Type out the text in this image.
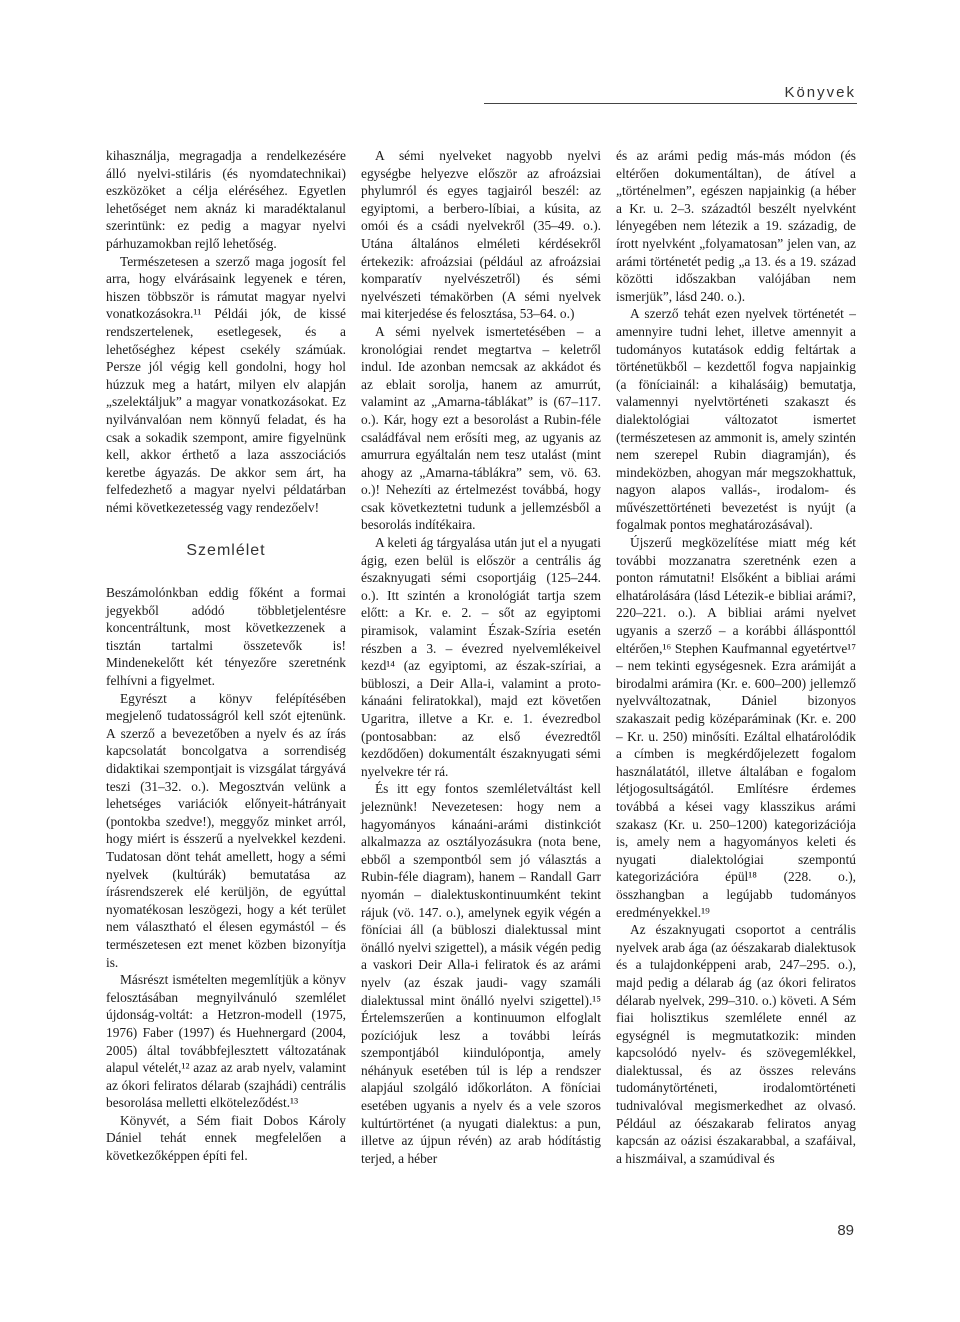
Könyvek

kihasználja, megragadja a rendelkezésére álló nyelvi-stiláris (és nyomdatechnikai) eszközöket a célja eléréséhez. Egyetlen lehetőséget nem aknáz ki maradéktalanul szerintünk: ez pedig a magyar nyelvi párhuzamokban rejlő lehetőség.

Természetesen a szerző maga jogosít fel arra, hogy elvárásaink legyenek e téren, hiszen többször is rámutat magyar nyelvi vonatkozásokra.¹¹ Példái jók, de kissé rendszertelenek, esetlegesek, és a lehetőséghez képest csekély számúak. Persze jól végig kell gondolni, hogy hol húzzuk meg a határt, milyen elv alapján „szelektáljuk” a magyar vonatkozásokat. Ez nyilvánvalóan nem könnyű feladat, és ha csak a sokadik szempont, amire figyelnünk kell, akkor érthető a laza asszociációs keretbe ágyazás. De akkor sem árt, ha felfedezhető a magyar nyelvi példatárban némi következetesség vagy rendezőelv!

Szemlélet

Beszámolónkban eddig főként a formai jegyekből adódó többletjelentésre koncentráltunk, most következzenek a tisztán tartalmi összetevők is! Mindenekelőtt két tényezőre szeretnénk felhívni a figyelmet.

Egyrészt a könyv felépítésében megjelenő tudatosságról kell szót ejtenünk. A szerző a bevezetőben a nyelv és az írás kapcsolatát boncolgatva a sorrendiség didaktikai szempontjait is vizsgálat tárgyává teszi (31–32. o.). Megosztván velünk a lehetséges variációk előnyeit-hátrányait (pontokba szedve!), meggyőz minket arról, hogy miért is ésszerű a nyelvekkel kezdeni. Tudatosan dönt tehát amellett, hogy a sémi nyelvek (kultúrák) bemutatása az írásrendszerek elé kerüljön, de egyúttal nyomatékosan leszögezi, hogy a két terület nem választható el élesen egymástól – és természetesen ezt menet közben bizonyítja is.

Másrészt ismételten megemlítjük a könyv felosztásában megnyilvánuló szemlélet újdonság-voltát: a Hetzron-modell (1975, 1976) Faber (1997) és Huehnergard (2004, 2005) által továbbfejlesztett változatának alapul vételét,¹² azaz az arab nyelv, valamint az ókori feliratos délarab (szajhádi) centrális besorolása melletti elköteleződést.¹³

Könyvét, a Sém fiait Dobos Károly Dániel tehát ennek megfelelően a következőképpen építi fel.

A sémi nyelveket nagyobb nyelvi egységbe helyezve először az afroázsiai phylumról és egyes tagjairól beszél: az egyiptomi, a berbero-líbiai, a kúsita, az omói és a csádi nyelvekről (35–49. o.). Utána általános elméleti kérdésekről értekezik: afroázsiai (például az afroázsiai komparatív nyelvészetről) és sémi nyelvészeti témakörben (A sémi nyelvek mai kiterjedése és felosztása, 53–64. o.)

A sémi nyelvek ismertetésében – a kronológiai rendet megtartva – keletről indul. Ide azonban nemcsak az akkádot és az eblait sorolja, hanem az amurrút, valamint az „Amarna-táblákat” is (67–117. o.). Kár, hogy ezt a besorolást a Rubin-féle családfával nem erősíti meg, az ugyanis az amurrura egyáltalán nem tesz utalást (mint ahogy az „Amarna-táblákra” sem, vö. 63. o.)! Nehezíti az értelmezést továbbá, hogy csak következtetni tudunk a jellemzésből a besorolás indítékaira.

A keleti ág tárgyalása után jut el a nyugati ágig, ezen belül is először a centrális ág északnyugati sémi csoportjáig (125–244. o.). Itt szintén a kronológiát tartja szem előtt: a Kr. e. 2. – sőt az egyiptomi piramisok, valamint Észak-Szíria esetén részben a 3. – évezred nyelvemlékeivel kezd¹⁴ (az egyiptomi, az észak-szíriai, a bübloszi, a Deir Alla-i, valamint a proto-kánaáni feliratokkal), majd ezt követően Ugaritra, illetve a Kr. e. 1. évezredbol (pontosabban: az első évezredtől kezdődően) dokumentált északnyugati sémi nyelvekre tér rá.

És itt egy fontos szemléletváltást kell jeleznünk! Nevezetesen: hogy nem a hagyományos kánaáni-arámi distinkciót alkalmazza az osztályozásukra (nota bene, ebből a szempontból sem jó választás a Rubin-féle diagram), hanem – Randall Garr nyomán – dialektuskontinuumként tekint rájuk (vö. 147. o.), amelynek egyik végén a föníciai áll (a bübloszi dialektussal mint önálló nyelvi szigettel), a másik végén pedig a vaskori Deir Alla-i feliratok és az arámi nyelv (az észak jaudi- vagy szamáli dialektussal mint önálló nyelvi szigettel).¹⁵ Értelemszerűen a kontinuumon elfoglalt pozíciójuk lesz a további leírás szempontjából kiindulópontja, amely néhányuk esetében túl is lép a rendszer alapjául szolgáló időkorláton. A föníciai esetében ugyanis a nyelv és a vele szoros kultúrtörténet (a nyugati dialektus: a pun, illetve az újpun révén) az arab hódítástig terjed, a héber

és az arámi pedig más-más módon (és eltérően dokumentáltan), de átível a „történelmen”, egészen napjainkig (a héber a Kr. u. 2–3. századtól beszélt nyelvként lényegében nem létezik a 19. századig, de írott nyelvként „folyamatosan” jelen van, az arámi történetét pedig „a 13. és a 19. század közötti időszakban valójában nem ismerjük”, lásd 240. o.).

A szerző tehát ezen nyelvek történetét – amennyire tudni lehet, illetve amennyit a tudományos kutatások eddig feltártak a történetükből – kezdettől fogva napjainkig (a föníciainál: a kihalásáig) bemutatja, valamennyi nyelvtörténeti szakaszt és dialektológiai változatot ismertet (természetesen az ammonit is, amely szintén nem szerepel Rubin diagramján), és mindeközben, ahogyan már megszokhattuk, nagyon alapos vallás-, irodalom- és művészettörténeti bevezetést is nyújt (a fogalmak pontos meghatározásával).

Újszerű megközelítése miatt még két további mozzanatra szeretnénk ezen a ponton rámutatni! Elsőként a bibliai arámi elhatárolására (lásd Létezik-e bibliai arámi?, 220–221. o.). A bibliai arámi nyelvet ugyanis a szerző – a korábbi állásponttól eltérően,¹⁶ Stephen Kaufmannal egyetértve¹⁷ – nem tekinti egységesnek. Ezra arámiját a birodalmi arámira (Kr. e. 600–200) jellemző nyelvváltozatnak, Dániel bizonyos szakaszait pedig középaráminak (Kr. e. 200 – Kr. u. 250) minősíti. Ezáltal elhatárolódik a címben is megkérdőjelezett fogalom használatától, illetve általában e fogalom létjogosultságától. Említésre érdemes továbbá a kései vagy klasszikus arámi szakasz (Kr. u. 250–1200) kategorizációja is, amely nem a hagyományos keleti és nyugati dialektológiai szempontú kategorizációra épül¹⁸ (228. o.), összhangban a legújabb tudományos eredményekkel.¹⁹

Az északnyugati csoportot a centrális nyelvek arab ága (az óészakarab dialektusok és a tulajdonképpeni arab, 247–295. o.), majd pedig a délarab ág (az ókori feliratos délarab nyelvek, 299–310. o.) követi. A Sém fiai holisztikus szemlélete ennél az egységnél is megmutatkozik: minden kapcsolódó nyelv- és szövegemlékkel, dialektussal, és az összes releváns tudománytörténeti, irodalomtörténeti tudnivalóval megismerkedhet az olvasó. Például az óészakarab feliratos anyag kapcsán az oázisi északarabbal, a szafáival, a hiszmáival, a szamúdival és

89
